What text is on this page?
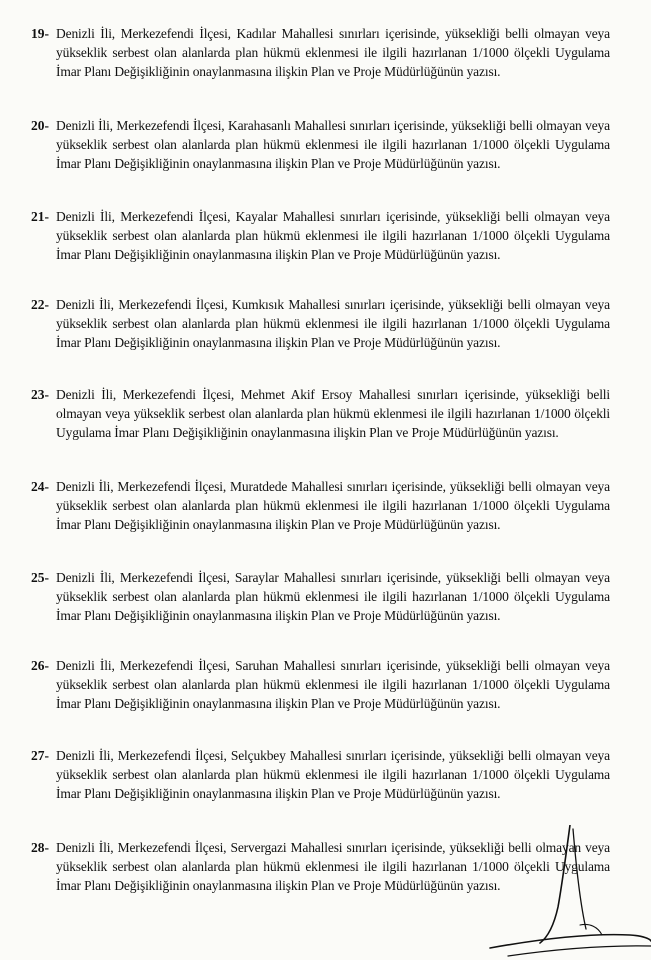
19- Denizli İli, Merkezefendi İlçesi, Kadılar Mahallesi sınırları içerisinde, yüksekliği belli olmayan veya yükseklik serbest olan alanlarda plan hükmü eklenmesi ile ilgili hazırlanan 1/1000 ölçekli Uygulama İmar Planı Değişikliğinin onaylanmasına ilişkin Plan ve Proje Müdürlüğünün yazısı.
20- Denizli İli, Merkezefendi İlçesi, Karahasanlı Mahallesi sınırları içerisinde, yüksekliği belli olmayan veya yükseklik serbest olan alanlarda plan hükmü eklenmesi ile ilgili hazırlanan 1/1000 ölçekli Uygulama İmar Planı Değişikliğinin onaylanmasına ilişkin Plan ve Proje Müdürlüğünün yazısı.
21- Denizli İli, Merkezefendi İlçesi, Kayalar Mahallesi sınırları içerisinde, yüksekliği belli olmayan veya yükseklik serbest olan alanlarda plan hükmü eklenmesi ile ilgili hazırlanan 1/1000 ölçekli Uygulama İmar Planı Değişikliğinin onaylanmasına ilişkin Plan ve Proje Müdürlüğünün yazısı.
22- Denizli İli, Merkezefendi İlçesi, Kumkısık Mahallesi sınırları içerisinde, yüksekliği belli olmayan veya yükseklik serbest olan alanlarda plan hükmü eklenmesi ile ilgili hazırlanan 1/1000 ölçekli Uygulama İmar Planı Değişikliğinin onaylanmasına ilişkin Plan ve Proje Müdürlüğünün yazısı.
23- Denizli İli, Merkezefendi İlçesi, Mehmet Akif Ersoy Mahallesi sınırları içerisinde, yüksekliği belli olmayan veya yükseklik serbest olan alanlarda plan hükmü eklenmesi ile ilgili hazırlanan 1/1000 ölçekli Uygulama İmar Planı Değişikliğinin onaylanmasına ilişkin Plan ve Proje Müdürlüğünün yazısı.
24- Denizli İli, Merkezefendi İlçesi, Muratdede Mahallesi sınırları içerisinde, yüksekliği belli olmayan veya yükseklik serbest olan alanlarda plan hükmü eklenmesi ile ilgili hazırlanan 1/1000 ölçekli Uygulama İmar Planı Değişikliğinin onaylanmasına ilişkin Plan ve Proje Müdürlüğünün yazısı.
25- Denizli İli, Merkezefendi İlçesi, Saraylar Mahallesi sınırları içerisinde, yüksekliği belli olmayan veya yükseklik serbest olan alanlarda plan hükmü eklenmesi ile ilgili hazırlanan 1/1000 ölçekli Uygulama İmar Planı Değişikliğinin onaylanmasına ilişkin Plan ve Proje Müdürlüğünün yazısı.
26- Denizli İli, Merkezefendi İlçesi, Saruhan Mahallesi sınırları içerisinde, yüksekliği belli olmayan veya yükseklik serbest olan alanlarda plan hükmü eklenmesi ile ilgili hazırlanan 1/1000 ölçekli Uygulama İmar Planı Değişikliğinin onaylanmasına ilişkin Plan ve Proje Müdürlüğünün yazısı.
27- Denizli İli, Merkezefendi İlçesi, Selçukbey Mahallesi sınırları içerisinde, yüksekliği belli olmayan veya yükseklik serbest olan alanlarda plan hükmü eklenmesi ile ilgili hazırlanan 1/1000 ölçekli Uygulama İmar Planı Değişikliğinin onaylanmasına ilişkin Plan ve Proje Müdürlüğünün yazısı.
28- Denizli İli, Merkezefendi İlçesi, Servergazi Mahallesi sınırları içerisinde, yüksekliği belli olmayan veya yükseklik serbest olan alanlarda plan hükmü eklenmesi ile ilgili hazırlanan 1/1000 ölçekli Uygulama İmar Planı Değişikliğinin onaylanmasına ilişkin Plan ve Proje Müdürlüğünün yazısı.
